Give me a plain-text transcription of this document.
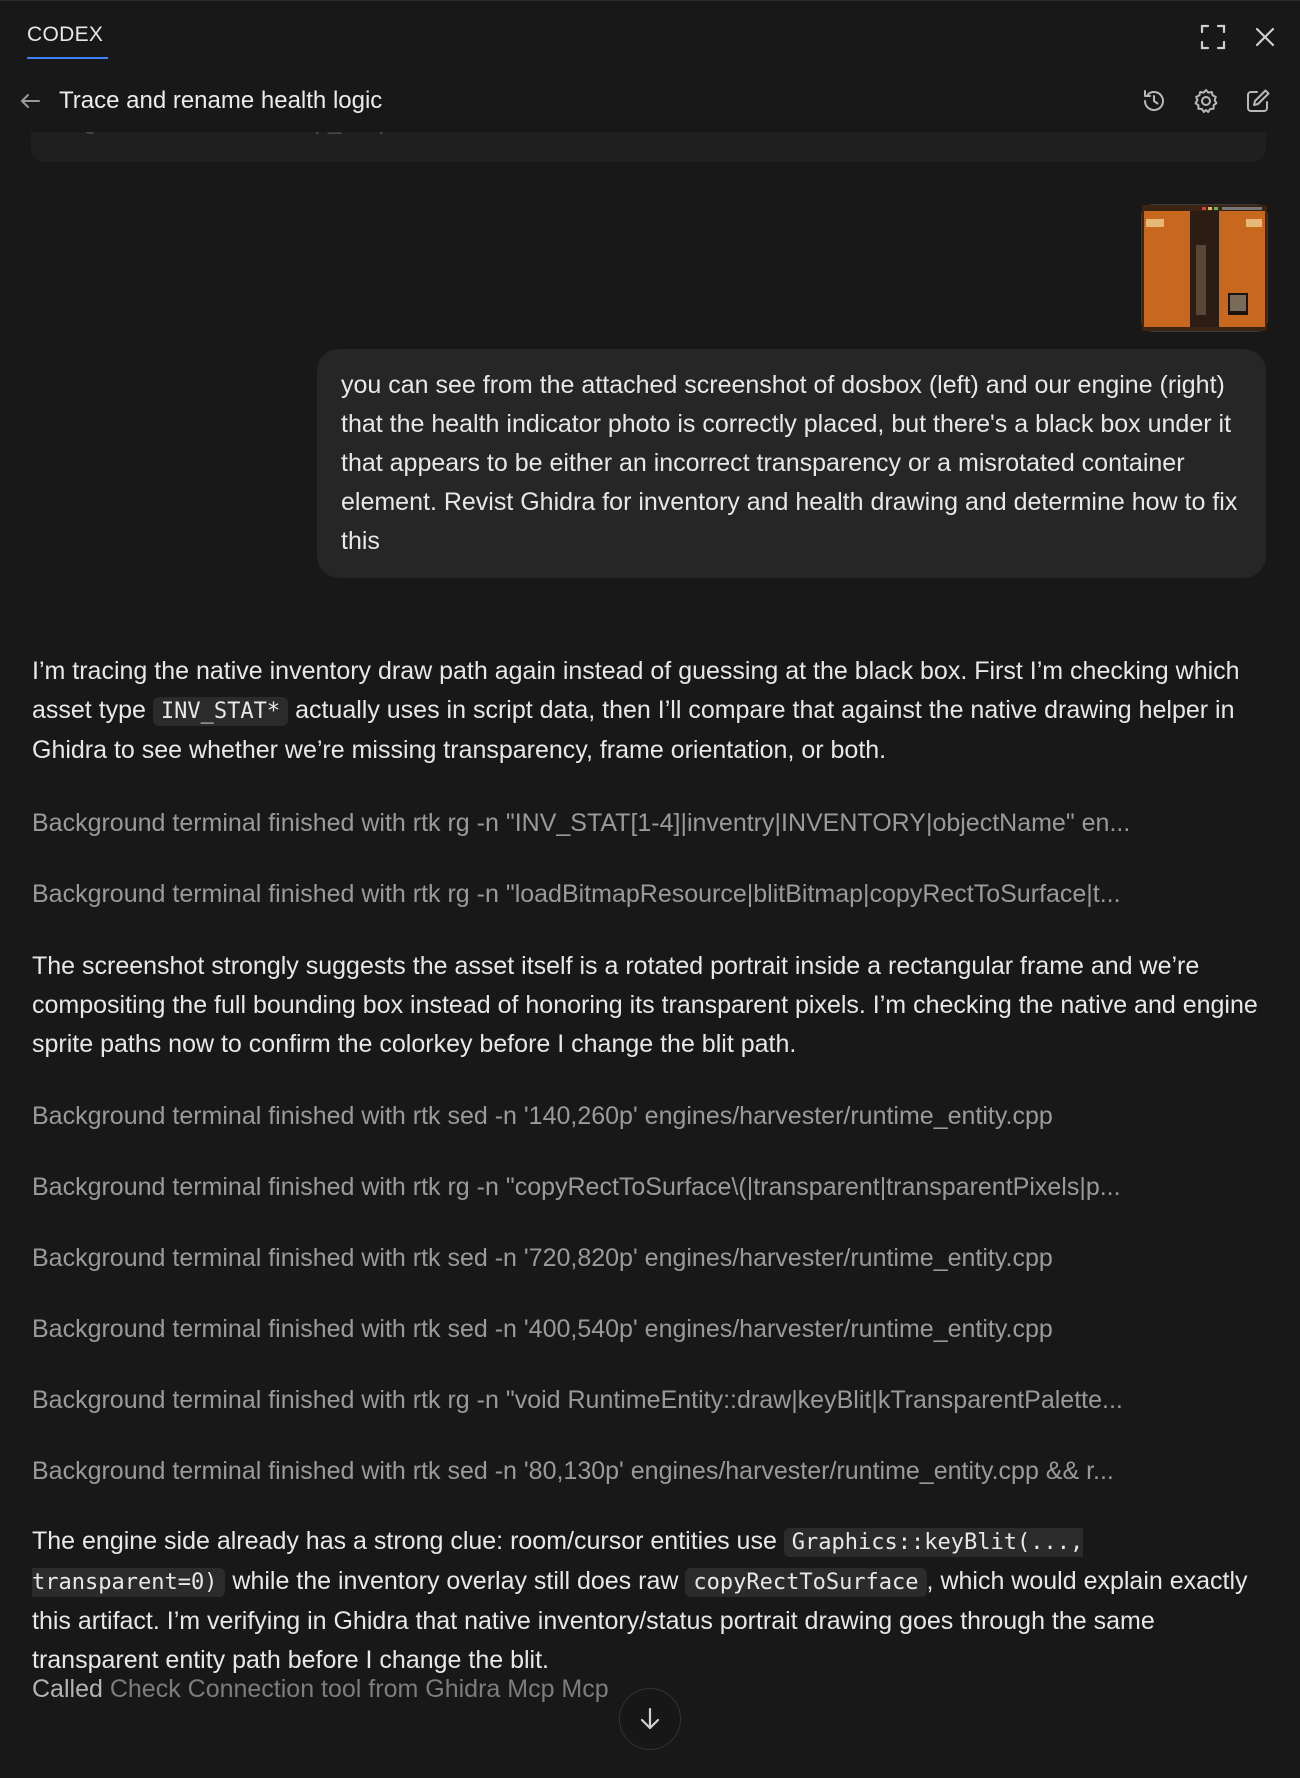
CODEX
Trace and rename health logic
you can see from the attached screenshot of dosbox (left) and our engine (right) that the health indicator photo is correctly placed, but there's a black box under it that appears to be either an incorrect transparency or a misrotated container element. Revist Ghidra for inventory and health drawing and determine how to fix this
I’m tracing the native inventory draw path again instead of guessing at the black box. First I’m checking which asset type INV_STAT* actually uses in script data, then I’ll compare that against the native drawing helper in Ghidra to see whether we’re missing transparency, frame orientation, or both.
Background terminal finished with rtk rg -n "INV_STAT[1-4]|inventry|INVENTORY|objectName" en...
Background terminal finished with rtk rg -n "loadBitmapResource|blitBitmap|copyRectToSurface|t...
The screenshot strongly suggests the asset itself is a rotated portrait inside a rectangular frame and we’re compositing the full bounding box instead of honoring its transparent pixels. I’m checking the native and engine sprite paths now to confirm the colorkey before I change the blit path.
Background terminal finished with rtk sed -n '140,260p' engines/harvester/runtime_entity.cpp
Background terminal finished with rtk rg -n "copyRectToSurface\(|transparent|transparentPixels|p...
Background terminal finished with rtk sed -n '720,820p' engines/harvester/runtime_entity.cpp
Background terminal finished with rtk sed -n '400,540p' engines/harvester/runtime_entity.cpp
Background terminal finished with rtk rg -n "void RuntimeEntity::draw|keyBlit|kTransparentPalette...
Background terminal finished with rtk sed -n '80,130p' engines/harvester/runtime_entity.cpp && r...
The engine side already has a strong clue: room/cursor entities use Graphics::keyBlit(..., transparent=0) while the inventory overlay still does raw copyRectToSurface , which would explain exactly this artifact. I’m verifying in Ghidra that native inventory/status portrait drawing goes through the same transparent entity path before I change the blit.
Called Check Connection tool from Ghidra Mcp Mcp
